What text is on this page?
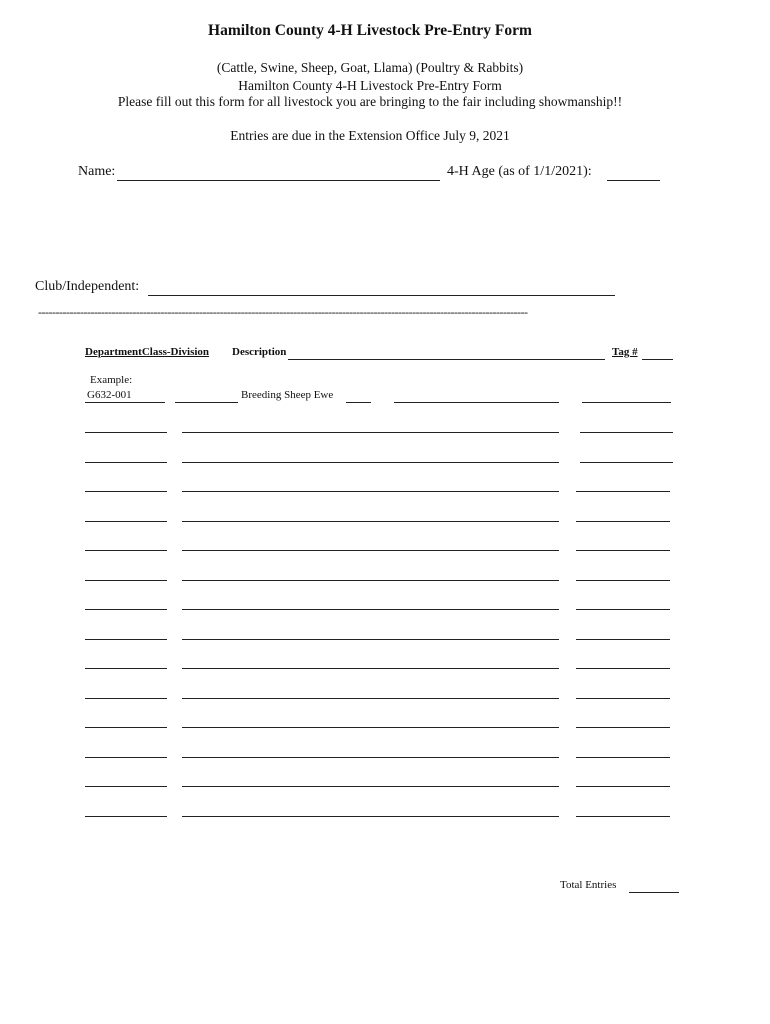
Hamilton County 4-H Livestock Pre-Entry Form
(Cattle, Swine, Sheep, Goat, Llama) (Poultry & Rabbits)
Hamilton County 4-H Livestock Pre-Entry Form
Please fill out this form for all livestock you are bringing to the fair including showmanship!!
Entries are due in the Extension Office July 9, 2021
Name:	4-H Age (as of 1/1/2021):
Club/Independent:
--------------------------------------------------------------------------------------------------------------------------------------------
DepartmentClass-Division Description	Tag #
Example:
G632-001	Breeding Sheep Ewe
Total Entries
